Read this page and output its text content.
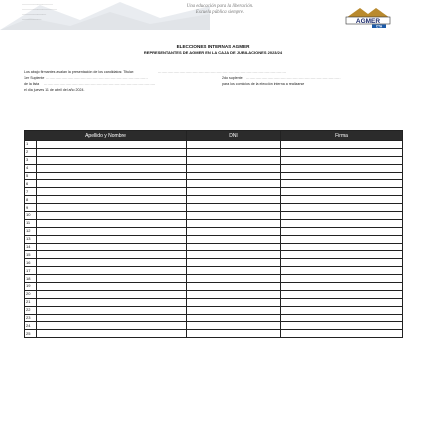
................................
....................................
.........................
....................
Una educación para la liberación.
Escuela pública siempre.
AGMER
CTA
ELECCIONES INTERNAS AGMER
REPRESENTANTES DE AGMER EN LA CAJA DE JUBILACIONES 2023/24
Los abajo firmantes avalan la presentación de los candidatos: Titular:	...........................................................................................................
1er Suplente .....................................................................................	2do suplente ...............................................................................
de la lista .............................................................................................	para los comicios de la elección interna a realizarse
el día jueves 11 de abril del año 2024.
Apellido y Nombre		DNI	Firma
1			
2			
3			
4			
5			
6			
7			
8			
9			
10			
11			
12			
13			
14			
15			
16			
17			
18			
19			
20			
21			
22			
23			
24			
25			
